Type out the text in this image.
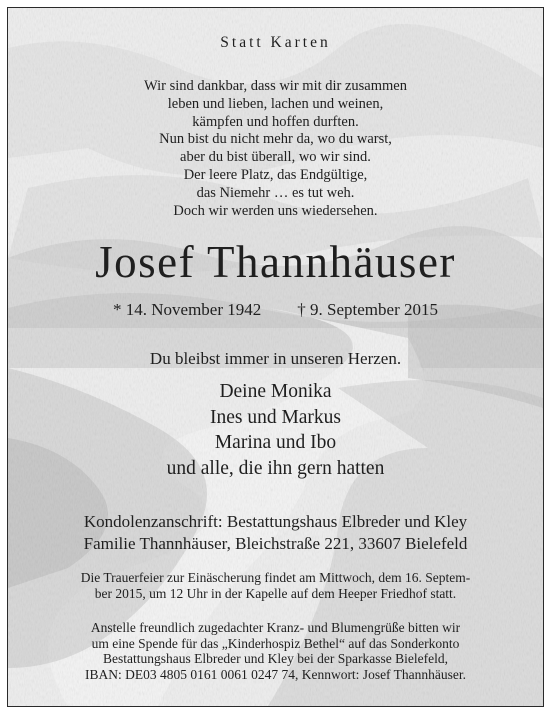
Statt Karten
Wir sind dankbar, dass wir mit dir zusammen
leben und lieben, lachen und weinen,
kämpfen und hoffen durften.
Nun bist du nicht mehr da, wo du warst,
aber du bist überall, wo wir sind.
Der leere Platz, das Endgültige,
das Niemehr … es tut weh.
Doch wir werden uns wiedersehen.
Josef Thannhäuser
* 14. November 1942 † 9. September 2015
Du bleibst immer in unseren Herzen.
Deine Monika
Ines und Markus
Marina und Ibo
und alle, die ihn gern hatten
Kondolenzanschrift: Bestattungshaus Elbreder und Kley
Familie Thannhäuser, Bleichstraße 221, 33607 Bielefeld
Die Trauerfeier zur Einäscherung findet am Mittwoch, dem 16. Septem-
ber 2015, um 12 Uhr in der Kapelle auf dem Heeper Friedhof statt.
Anstelle freundlich zugedachter Kranz- und Blumengrüße bitten wir
um eine Spende für das „Kinderhospiz Bethel“ auf das Sonderkonto
Bestattungshaus Elbreder und Kley bei der Sparkasse Bielefeld,
IBAN: DE03 4805 0161 0061 0247 74, Kennwort: Josef Thannhäuser.
